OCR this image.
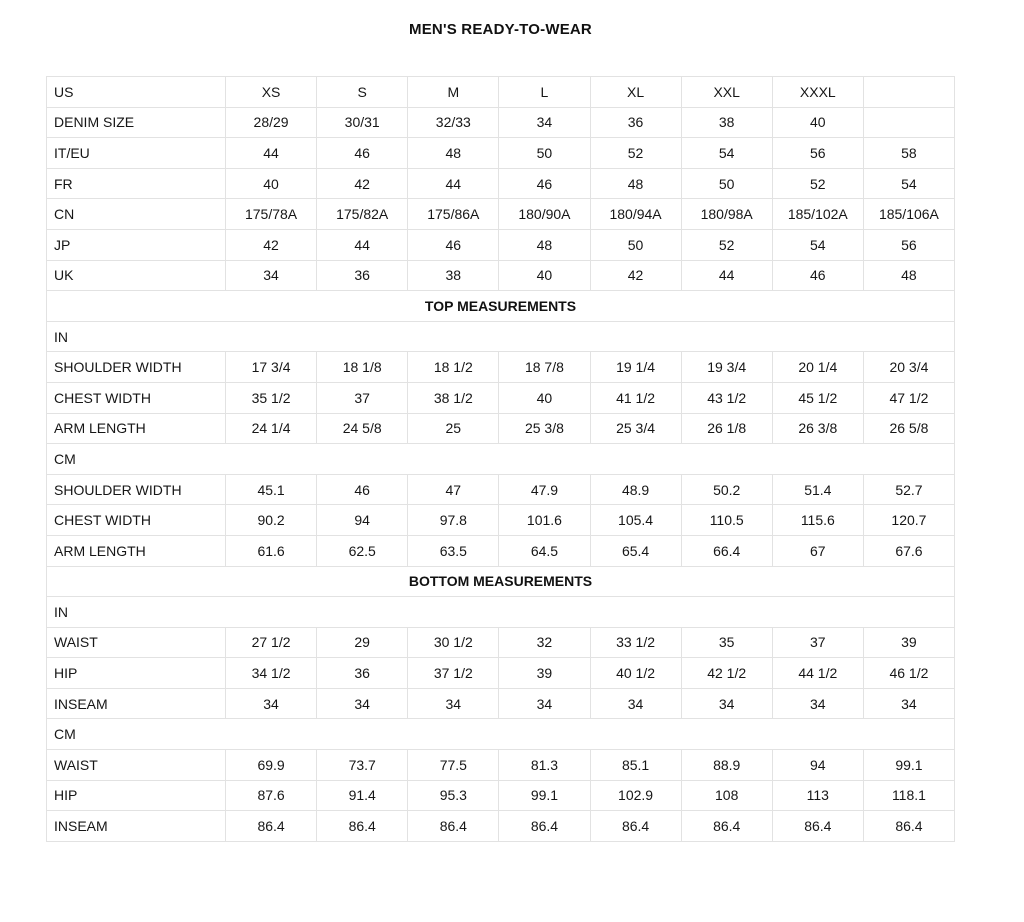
MEN'S READY-TO-WEAR
US	XS	S	M	L	XL	XXL	XXXL	
DENIM SIZE	28/29	30/31	32/33	34	36	38	40	
IT/EU	44	46	48	50	52	54	56	58
FR	40	42	44	46	48	50	52	54
CN	175/78A	175/82A	175/86A	180/90A	180/94A	180/98A	185/102A	185/106A
JP	42	44	46	48	50	52	54	56
UK	34	36	38	40	42	44	46	48
TOP MEASUREMENTS								
IN								
SHOULDER WIDTH	17 3/4	18 1/8	18 1/2	18 7/8	19 1/4	19 3/4	20 1/4	20 3/4
CHEST WIDTH	35 1/2	37	38 1/2	40	41 1/2	43 1/2	45 1/2	47 1/2
ARM LENGTH	24 1/4	24 5/8	25	25 3/8	25 3/4	26 1/8	26 3/8	26 5/8
CM								
SHOULDER WIDTH	45.1	46	47	47.9	48.9	50.2	51.4	52.7
CHEST WIDTH	90.2	94	97.8	101.6	105.4	110.5	115.6	120.7
ARM LENGTH	61.6	62.5	63.5	64.5	65.4	66.4	67	67.6
BOTTOM MEASUREMENTS								
IN								
WAIST	27 1/2	29	30 1/2	32	33 1/2	35	37	39
HIP	34 1/2	36	37 1/2	39	40 1/2	42 1/2	44 1/2	46 1/2
INSEAM	34	34	34	34	34	34	34	34
CM								
WAIST	69.9	73.7	77.5	81.3	85.1	88.9	94	99.1
HIP	87.6	91.4	95.3	99.1	102.9	108	113	118.1
INSEAM	86.4	86.4	86.4	86.4	86.4	86.4	86.4	86.4
